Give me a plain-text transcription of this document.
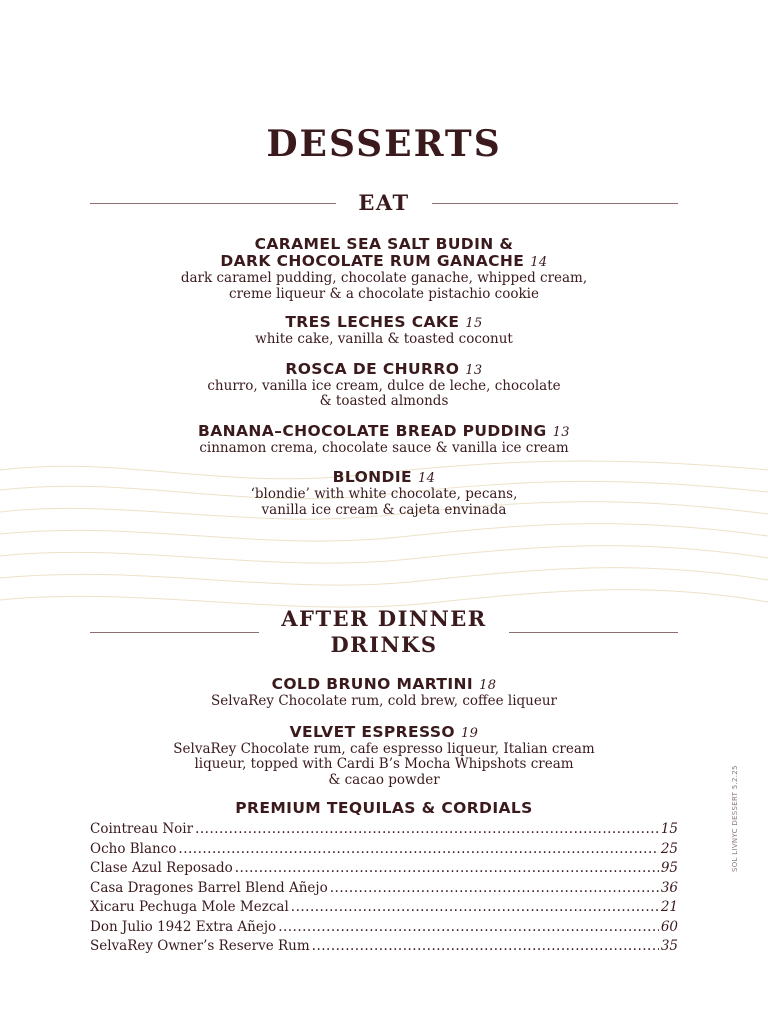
DESSERTS
EAT
CARAMEL SEA SALT BUDIN &
DARK CHOCOLATE RUM GANACHE 14
dark caramel pudding, chocolate ganache, whipped cream,
creme liqueur & a chocolate pistachio cookie
TRES LECHES CAKE 15
white cake, vanilla & toasted coconut
ROSCA DE CHURRO 13
churro, vanilla ice cream, dulce de leche, chocolate
& toasted almonds
BANANA–CHOCOLATE BREAD PUDDING 13
cinnamon crema, chocolate sauce & vanilla ice cream
BLONDIE 14
‘blondie’ with white chocolate, pecans,
vanilla ice cream & cajeta envinada
AFTER DINNER
DRINKS
COLD BRUNO MARTINI 18
SelvaRey Chocolate rum, cold brew, coffee liqueur
VELVET ESPRESSO 19
SelvaRey Chocolate rum, cafe espresso liqueur, Italian cream
liqueur, topped with Cardi B’s Mocha Whipshots cream
& cacao powder
PREMIUM TEQUILAS & CORDIALS
Cointreau Noir .....	15
Ocho Blanco .....	25
Clase Azul Reposado .....	95
Casa Dragones Barrel Blend Añejo .....	36
Xicaru Pechuga Mole Mezcal .....	21
Don Julio 1942 Extra Añejo .....	60
SelvaRey Owner’s Reserve Rum .....	35
SOL LIVNYC DESSERT 5.2.25
